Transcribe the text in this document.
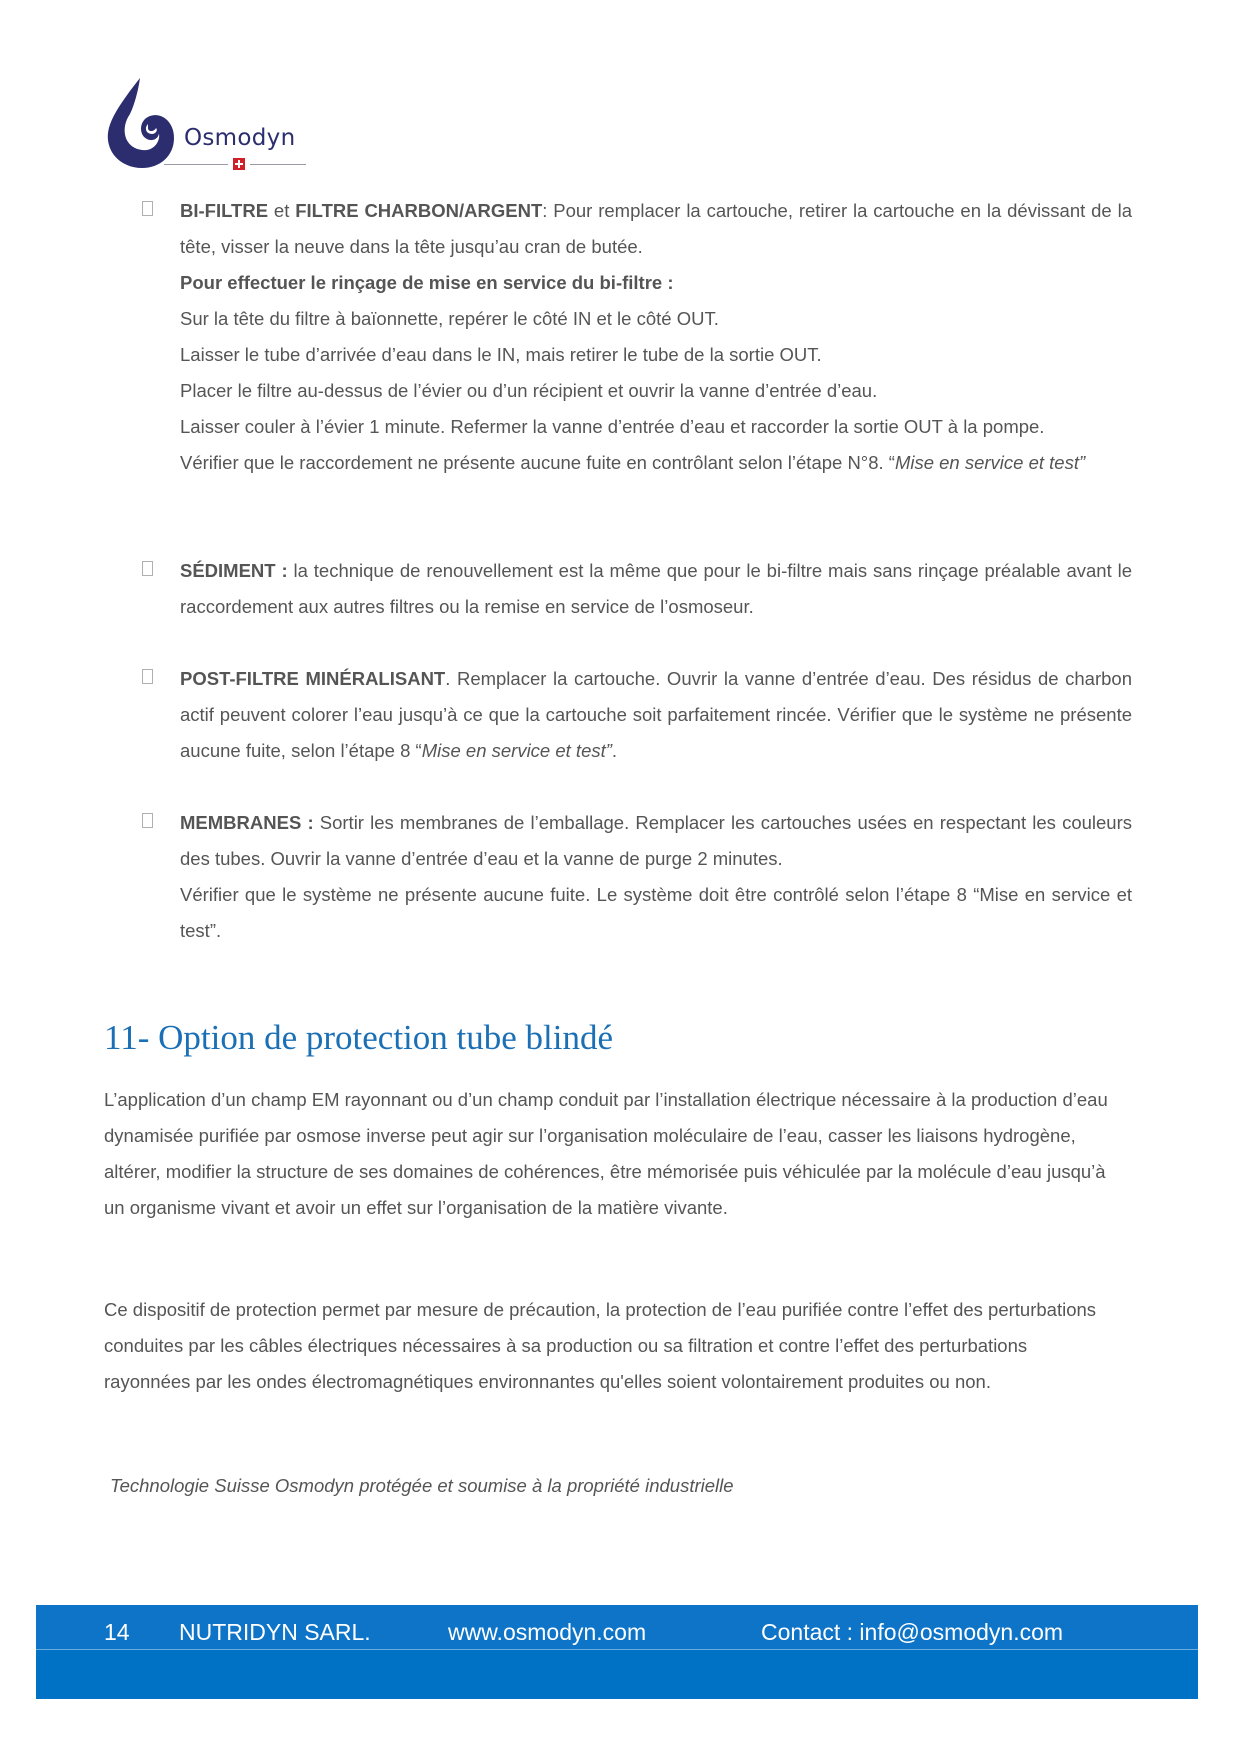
Osmodyn
BI-FILTRE et FILTRE CHARBON/ARGENT: Pour remplacer la cartouche, retirer la cartouche en la dévissant de la tête, visser la neuve dans la tête jusqu’au cran de butée.
Pour effectuer le rinçage de mise en service du bi-filtre :
Sur la tête du filtre à baïonnette, repérer le côté IN et le côté OUT.
Laisser le tube d’arrivée d’eau dans le IN, mais retirer le tube de la sortie OUT.
Placer le filtre au-dessus de l’évier ou d’un récipient et ouvrir la vanne d’entrée d’eau.
Laisser couler à l’évier 1 minute. Refermer la vanne d’entrée d’eau et raccorder la sortie OUT à la pompe.
Vérifier que le raccordement ne présente aucune fuite en contrôlant selon l’étape N°8. “Mise en service et test”
SÉDIMENT : la technique de renouvellement est la même que pour le bi-filtre mais sans rinçage préalable avant le raccordement aux autres filtres ou la remise en service de l’osmoseur.
POST-FILTRE MINÉRALISANT. Remplacer la cartouche. Ouvrir la vanne d’entrée d’eau. Des résidus de charbon actif peuvent colorer l’eau jusqu’à ce que la cartouche soit parfaitement rincée. Vérifier que le système ne présente aucune fuite, selon l’étape 8 “Mise en service et test”.
MEMBRANES : Sortir les membranes de l’emballage. Remplacer les cartouches usées en respectant les couleurs des tubes. Ouvrir la vanne d’entrée d’eau et la vanne de purge 2 minutes.
Vérifier que le système ne présente aucune fuite. Le système doit être contrôlé selon l’étape 8 “Mise en service et test”.
11- Option de protection tube blindé

L’application d’un champ EM rayonnant ou d’un champ conduit par l’installation électrique nécessaire à la production d’eau dynamisée purifiée par osmose inverse peut agir sur l’organisation moléculaire de l’eau, casser les liaisons hydrogène, altérer, modifier la structure de ses domaines de cohérences, être mémorisée puis véhiculée par la molécule d’eau jusqu’à un organisme vivant et avoir un effet sur l’organisation de la matière vivante.

Ce dispositif de protection permet par mesure de précaution, la protection de l’eau purifiée contre l’effet des perturbations conduites par les câbles électriques nécessaires à sa production ou sa filtration et contre l’effet des perturbations rayonnées par les ondes électromagnétiques environnantes qu'elles soient volontairement produites ou non.

Technologie Suisse Osmodyn protégée et soumise à la propriété industrielle

14 NUTRIDYN SARL.	www.osmodyn.com	Contact : info@osmodyn.com
